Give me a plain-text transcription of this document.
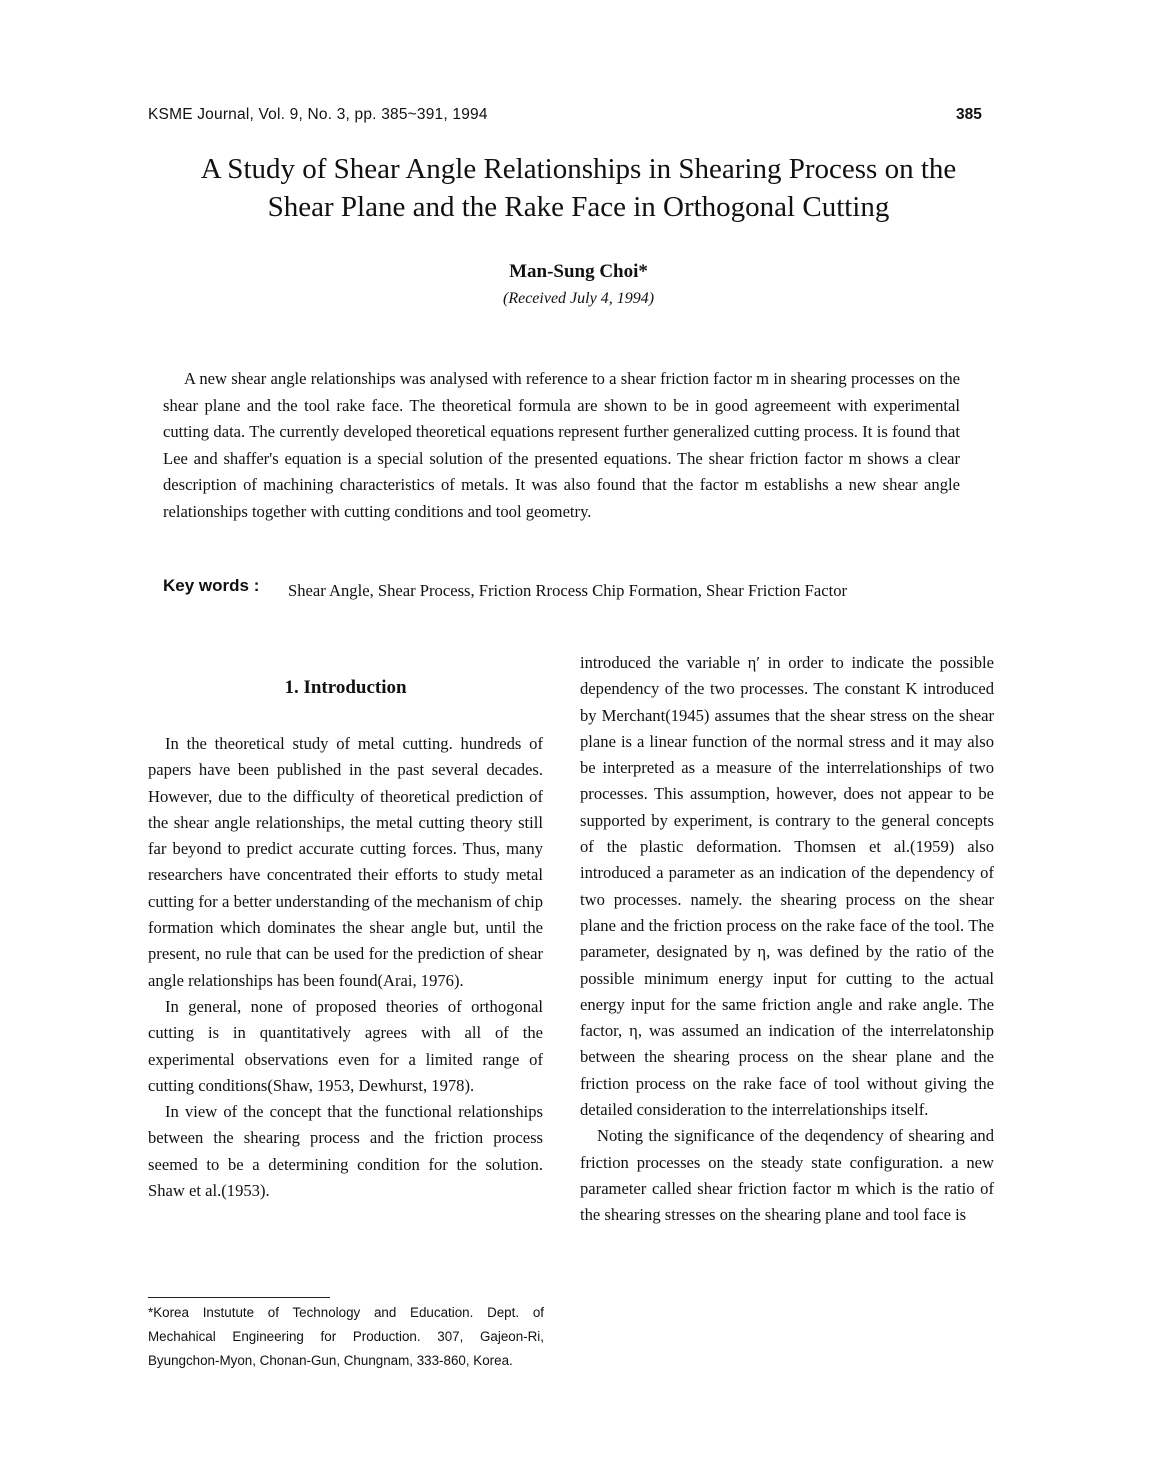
KSME Journal, Vol. 9, No. 3, pp. 385~391, 1994	385
A Study of Shear Angle Relationships in Shearing Process on the
Shear Plane and the Rake Face in Orthogonal Cutting
Man-Sung Choi*
(Received July 4, 1994)

A new shear angle relationships was analysed with reference to a shear friction factor m in shearing processes on the shear plane and the tool rake face. The theoretical formula are shown to be in good agreemeent with experimental cutting data. The currently developed theoretical equations represent further generalized cutting process. It is found that Lee and shaffer's equation is a special solution of the presented equations. The shear friction factor m shows a clear description of machining characteristics of metals. It was also found that the factor m establishs a new shear angle relationships together with cutting conditions and tool geometry.

Key words : Shear Angle, Shear Process, Friction Rrocess Chip Formation, Shear Friction Factor

1. Introduction

In the theoretical study of metal cutting. hundreds of papers have been published in the past several decades. However, due to the difficulty of theoretical prediction of the shear angle relationships, the metal cutting theory still far beyond to predict accurate cutting forces. Thus, many researchers have concentrated their efforts to study metal cutting for a better understanding of the mechanism of chip formation which dominates the shear angle but, until the present, no rule that can be used for the prediction of shear angle relationships has been found(Arai, 1976).

In general, none of proposed theories of orthogonal cutting is in quantitatively agrees with all of the experimental observations even for a limited range of cutting conditions(Shaw, 1953, Dewhurst, 1978).

In view of the concept that the functional relationships between the shearing process and the friction process seemed to be a determining condition for the solution. Shaw et al.(1953).

introduced the variable η′ in order to indicate the possible dependency of the two processes. The constant K introduced by Merchant(1945) assumes that the shear stress on the shear plane is a linear function of the normal stress and it may also be interpreted as a measure of the interrelationships of two processes. This assumption, however, does not appear to be supported by experiment, is contrary to the general concepts of the plastic deformation. Thomsen et al.(1959) also introduced a parameter as an indication of the dependency of two processes. namely. the shearing process on the shear plane and the friction process on the rake face of the tool. The parameter, designated by η, was defined by the ratio of the possible minimum energy input for cutting to the actual energy input for the same friction angle and rake angle. The factor, η, was assumed an indication of the interrelatonship between the shearing process on the shear plane and the friction process on the rake face of tool without giving the detailed consideration to the interrelationships itself.

Noting the significance of the deqendency of shearing and friction processes on the steady state configuration. a new parameter called shear friction factor m which is the ratio of the shearing stresses on the shearing plane and tool face is

*Korea Instutute of Technology and Education. Dept. of Mechahical Engineering for Production. 307, Gajeon-Ri, Byungchon-Myon, Chonan-Gun, Chungnam, 333-860, Korea.
